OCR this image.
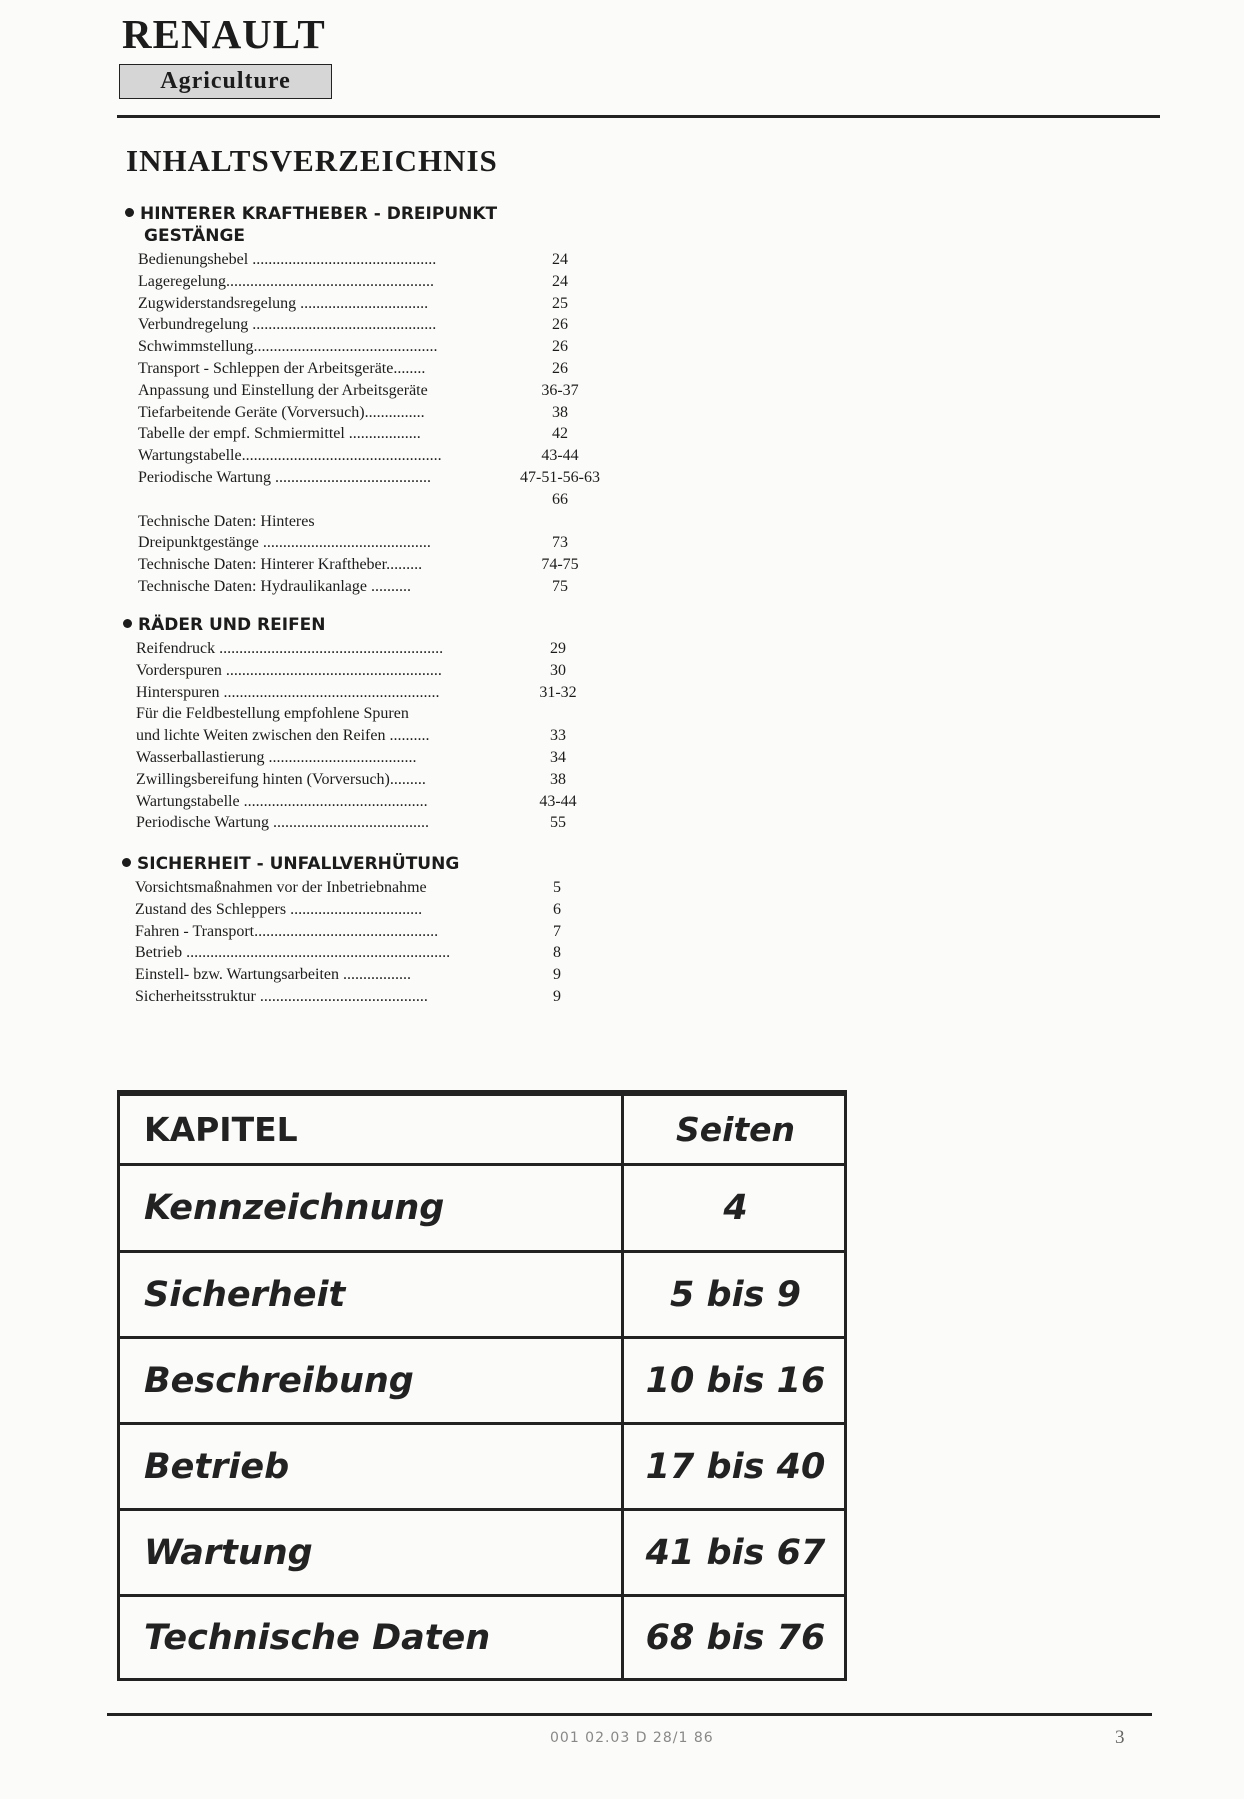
RENAULT
Agriculture
INHALTSVERZEICHNIS
HINTERER KRAFTHEBER - DREIPUNKT
GESTÄNGE
Bedienungshebel ..............................................	24
Lageregelung....................................................	24
Zugwiderstandsregelung ................................	25
Verbundregelung ..............................................	26
Schwimmstellung..............................................	26
Transport - Schleppen der Arbeitsgeräte........	26
Anpassung und Einstellung der Arbeitsgeräte	36-37
Tiefarbeitende Geräte (Vorversuch)...............	38
Tabelle der empf. Schmiermittel ..................	42
Wartungstabelle..................................................	43-44
Periodische Wartung .......................................	47-51-56-63
66
Technische Daten: Hinteres
Dreipunktgestänge ..........................................	73
Technische Daten: Hinterer Kraftheber.........	74-75
Technische Daten: Hydraulikanlage ..........	75
RÄDER UND REIFEN
Reifendruck ........................................................	29
Vorderspuren ......................................................	30
Hinterspuren ......................................................	31-32
Für die Feldbestellung empfohlene Spuren
und lichte Weiten zwischen den Reifen ..........	33
Wasserballastierung .....................................	34
Zwillingsbereifung hinten (Vorversuch).........	38
Wartungstabelle ..............................................	43-44
Periodische Wartung .......................................	55
SICHERHEIT - UNFALLVERHÜTUNG
Vorsichtsmaßnahmen vor der Inbetriebnahme	5
Zustand des Schleppers .................................	6
Fahren - Transport..............................................	7
Betrieb ..................................................................	8
Einstell- bzw. Wartungsarbeiten .................	9
Sicherheitsstruktur ..........................................	9
KAPITEL	Seiten
Kennzeichnung	4
Sicherheit	5 bis 9
Beschreibung	10 bis 16
Betrieb	17 bis 40
Wartung	41 bis 67
Technische Daten	68 bis 76
001 02.03 D 28/1 86	3
